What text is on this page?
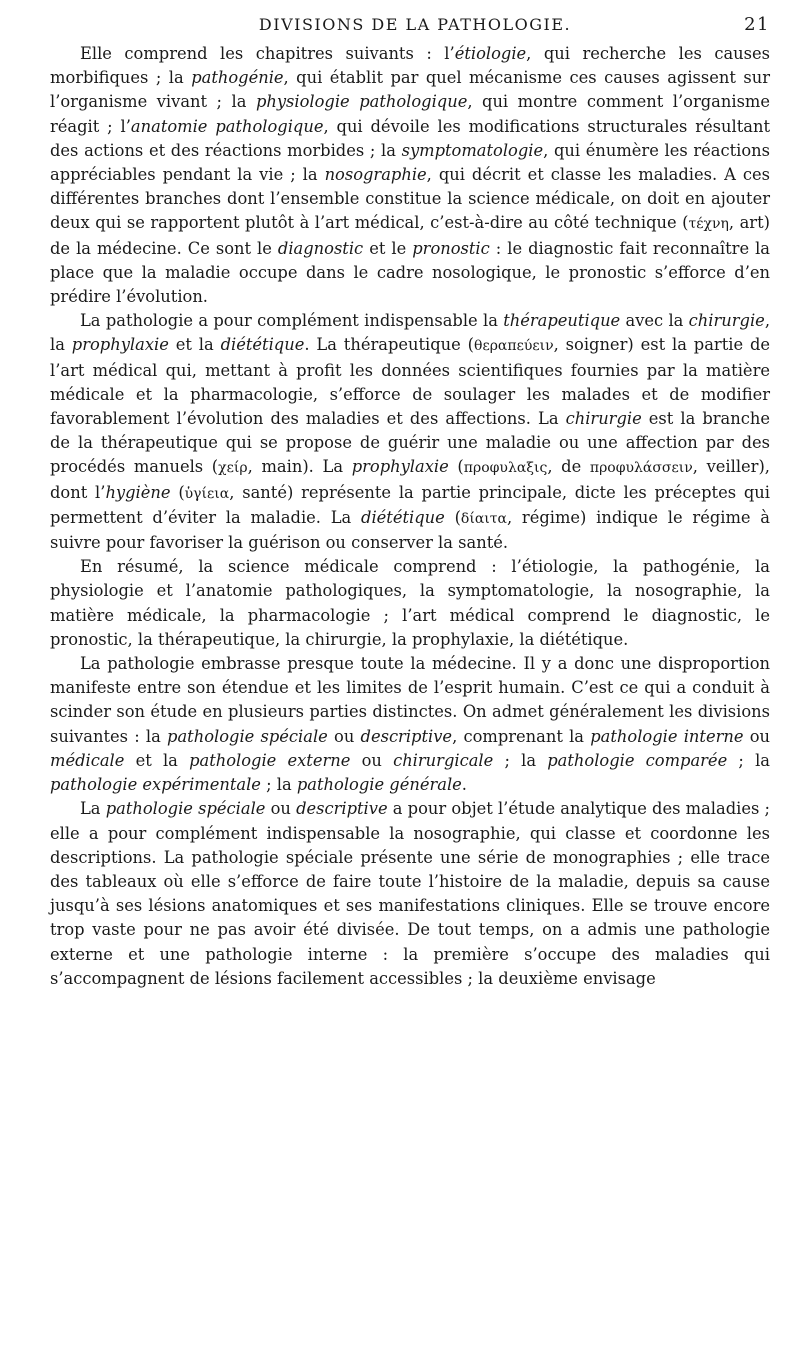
DIVISIONS DE LA PATHOLOGIE.	21

Elle comprend les chapitres suivants : l’étiologie, qui recherche les causes morbifiques ; la pathogénie, qui établit par quel mécanisme ces causes agissent sur l’organisme vivant ; la physiologie pathologique, qui montre comment l’organisme réagit ; l’anatomie pathologique, qui dévoile les modifications structurales résultant des actions et des réactions morbides ; la symptomatologie, qui énumère les réactions appréciables pendant la vie ; la nosographie, qui décrit et classe les maladies. A ces différentes branches dont l’ensemble constitue la science médicale, on doit en ajouter deux qui se rapportent plutôt à l’art médical, c’est-à-dire au côté technique (τέχνη, art) de la médecine. Ce sont le diagnostic et le pronostic : le diagnostic fait reconnaître la place que la maladie occupe dans le cadre nosologique, le pronostic s’efforce d’en prédire l’évolution.

La pathologie a pour complément indispensable la thérapeutique avec la chirurgie, la prophylaxie et la diététique. La thérapeutique (θεραπεύειν, soigner) est la partie de l’art médical qui, mettant à profit les données scientifiques fournies par la matière médicale et la pharmacologie, s’efforce de soulager les malades et de modifier favorablement l’évolution des maladies et des affections. La chirurgie est la branche de la thérapeutique qui se propose de guérir une maladie ou une affection par des procédés manuels (χείρ, main). La prophylaxie (προφυλαξις, de προφυλάσσειν, veiller), dont l’hygiène (ὑγίεια, santé) représente la partie principale, dicte les préceptes qui permettent d’éviter la maladie. La diététique (δίαιτα, régime) indique le régime à suivre pour favoriser la guérison ou conserver la santé.

En résumé, la science médicale comprend : l’étiologie, la pathogénie, la physiologie et l’anatomie pathologiques, la symptomatologie, la nosographie, la matière médicale, la pharmacologie ; l’art médical comprend le diagnostic, le pronostic, la thérapeutique, la chirurgie, la prophylaxie, la diététique.

La pathologie embrasse presque toute la médecine. Il y a donc une disproportion manifeste entre son étendue et les limites de l’esprit humain. C’est ce qui a conduit à scinder son étude en plusieurs parties distinctes. On admet généralement les divisions suivantes : la pathologie spéciale ou descriptive, comprenant la pathologie interne ou médicale et la pathologie externe ou chirurgicale ; la pathologie comparée ; la pathologie expérimentale ; la pathologie générale.

La pathologie spéciale ou descriptive a pour objet l’étude analytique des maladies ; elle a pour complément indispensable la nosographie, qui classe et coordonne les descriptions. La pathologie spéciale présente une série de monographies ; elle trace des tableaux où elle s’efforce de faire toute l’histoire de la maladie, depuis sa cause jusqu’à ses lésions anatomiques et ses manifestations cliniques. Elle se trouve encore trop vaste pour ne pas avoir été divisée. De tout temps, on a admis une pathologie externe et une pathologie interne : la première s’occupe des maladies qui s’accompagnent de lésions facilement accessibles ; la deuxième envisage
